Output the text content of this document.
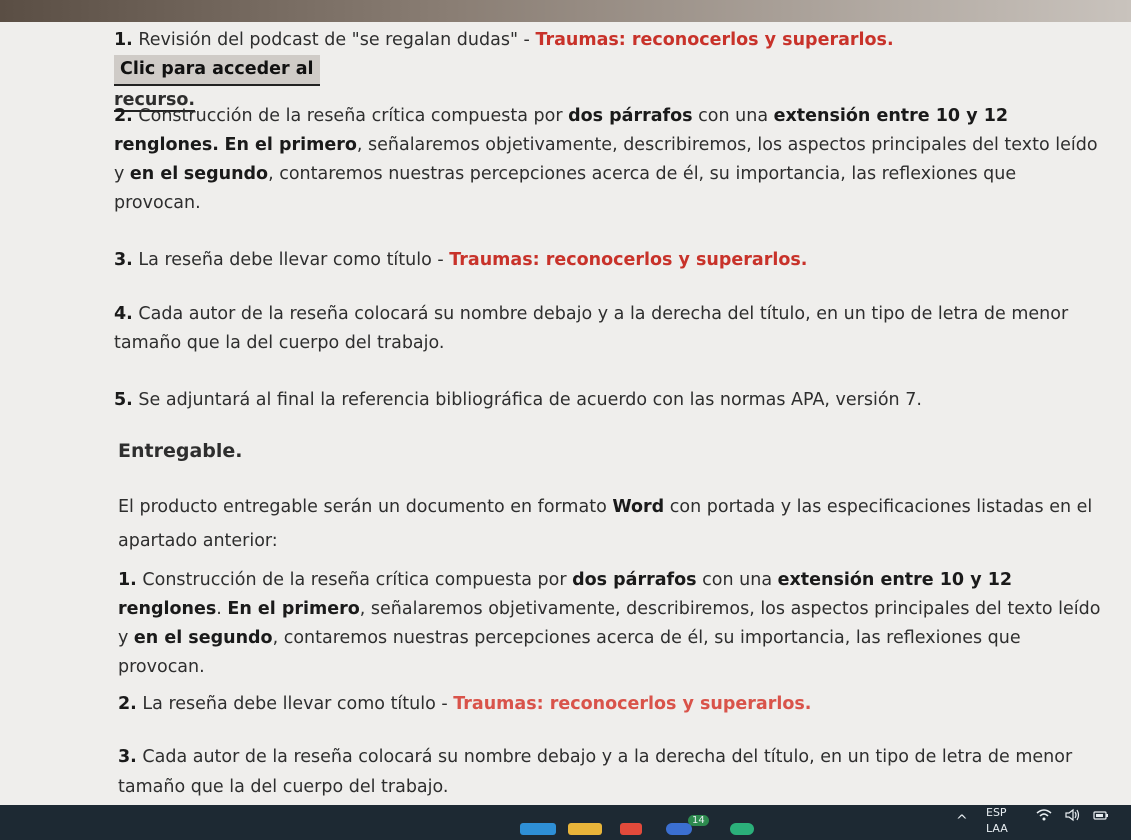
1. Revisión del podcast de "se regalan dudas" - Traumas: reconocerlos y superarlos. Clic para acceder al
recurso.

2. Construcción de la reseña crítica compuesta por dos párrafos con una extensión entre 10 y 12 renglones. En el primero, señalaremos objetivamente, describiremos, los aspectos principales del texto leído y en el segundo, contaremos nuestras percepciones acerca de él, su importancia, las reflexiones que provocan.

3. La reseña debe llevar como título - Traumas: reconocerlos y superarlos.

4. Cada autor de la reseña colocará su nombre debajo y a la derecha del título, en un tipo de letra de menor tamaño que la del cuerpo del trabajo.

5. Se adjuntará al final la referencia bibliográfica de acuerdo con las normas APA, versión 7.

Entregable.

El producto entregable serán un documento en formato Word con portada y las especificaciones listadas en el apartado anterior:

1. Construcción de la reseña crítica compuesta por dos párrafos con una extensión entre 10 y 12 renglones. En el primero, señalaremos objetivamente, describiremos, los aspectos principales del texto leído y en el segundo, contaremos nuestras percepciones acerca de él, su importancia, las reflexiones que provocan.

2. La reseña debe llevar como título - Traumas: reconocerlos y superarlos.

3. Cada autor de la reseña colocará su nombre debajo y a la derecha del título, en un tipo de letra de menor tamaño que la del cuerpo del trabajo.

14	^
ESP
LAA
